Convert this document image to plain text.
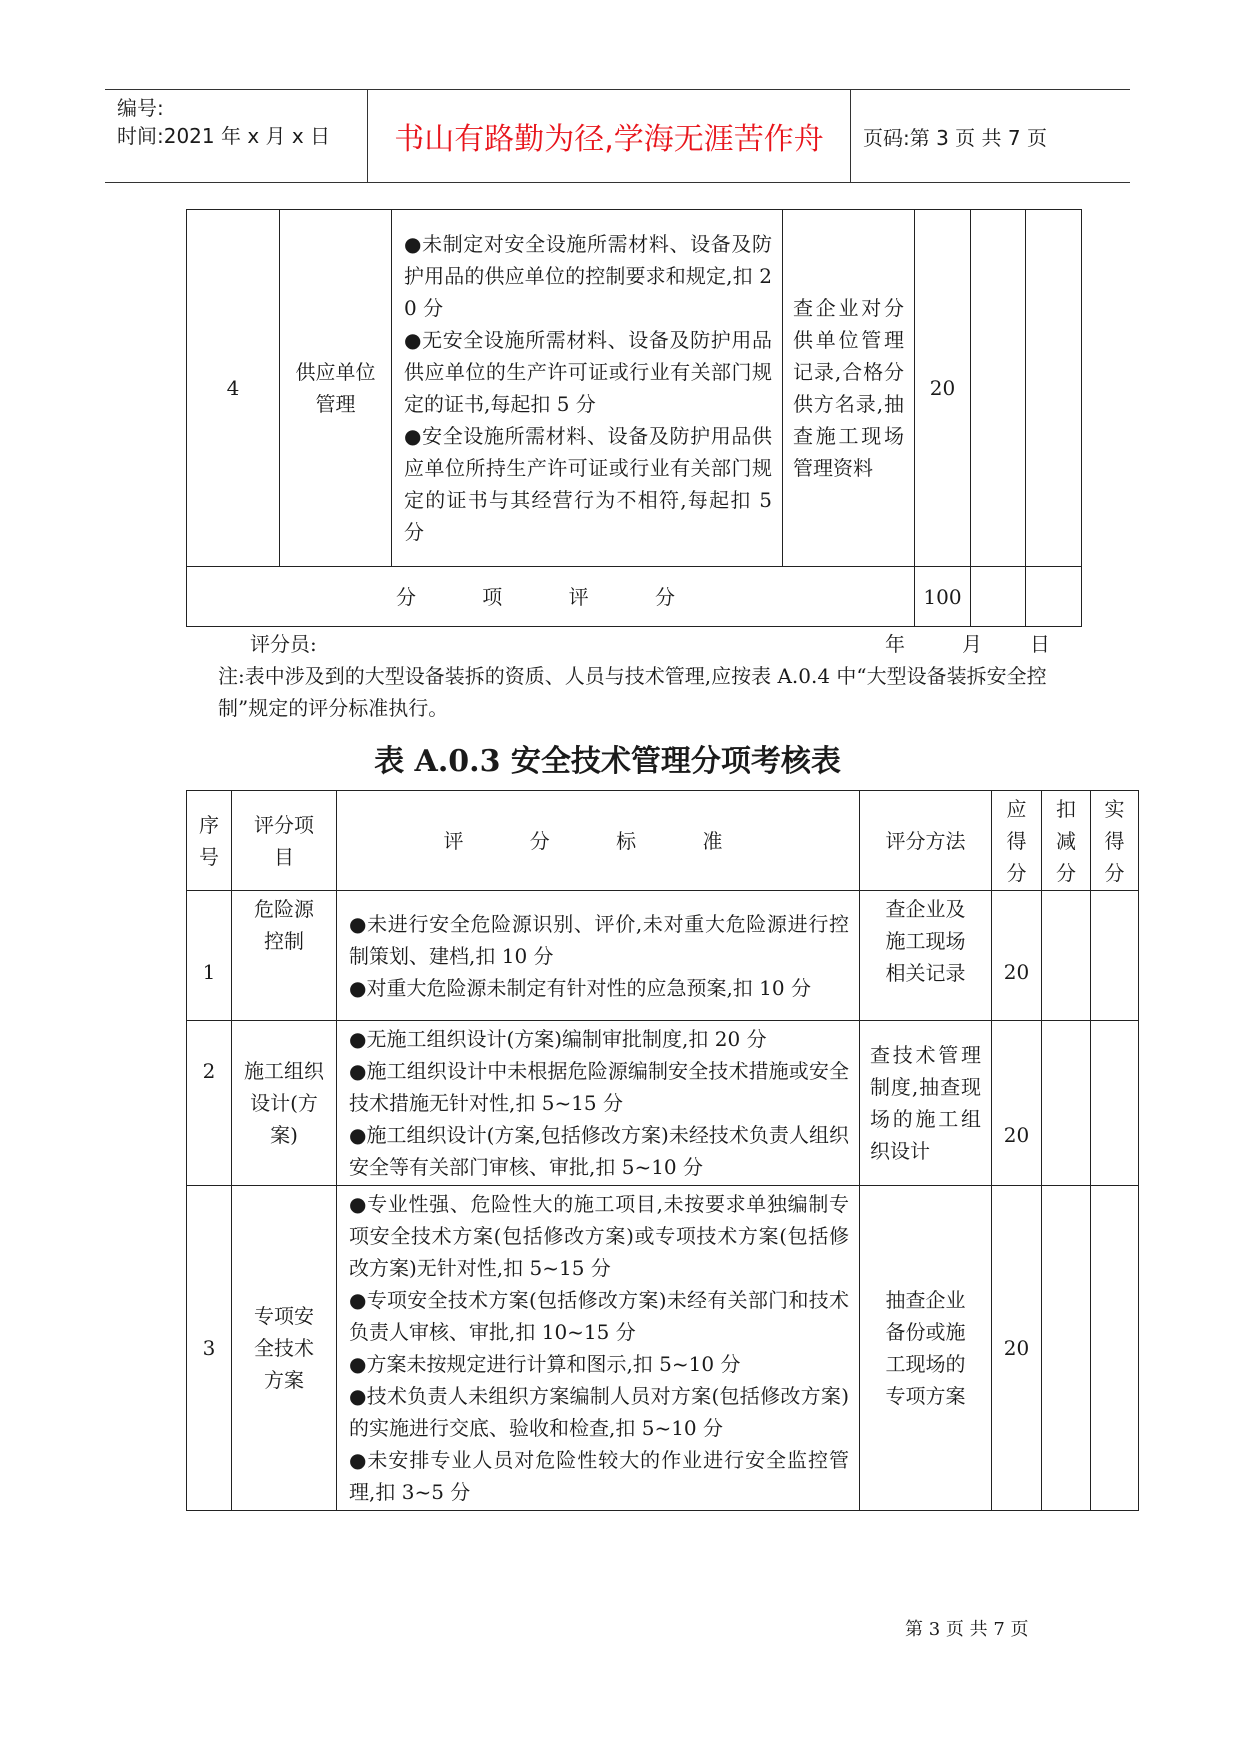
编号:
时间:2021 年 x 月 x 日	书山有路勤为径,学海无涯苦作舟	页码:第 3 页 共 7 页
4	供应单位管理	●未制定对安全设施所需材料、设备及防护用品的供应单位的控制要求和规定,扣 20 分
●无安全设施所需材料、设备及防护用品供应单位的生产许可证或行业有关部门规定的证书,每起扣 5 分
●安全设施所需材料、设备及防护用品供应单位所持生产许可证或行业有关部门规定的证书与其经营行为不相符,每起扣 5 分	查企业对分供单位管理记录,合格分供方名录,抽查施工现场管理资料	20		
分 项 评 分				100		
评分员:	年	月 日
注:表中涉及到的大型设备装拆的资质、人员与技术管理,应按表 A.0.4 中“大型设备装拆安全控制”规定的评分标准执行。
表 A.0.3 安全技术管理分项考核表
序号	评分项目	评 分 标 准	评分方法	应得分	扣减分	实得分
1	危险源控制	●未进行安全危险源识别、评价,未对重大危险源进行控制策划、建档,扣 10 分
●对重大危险源未制定有针对性的应急预案,扣 10 分	查企业及施工现场相关记录	20		
2	施工组织设计(方案)	●无施工组织设计(方案)编制审批制度,扣 20 分
●施工组织设计中未根据危险源编制安全技术措施或安全技术措施无针对性,扣 5~15 分
●施工组织设计(方案,包括修改方案)未经技术负责人组织安全等有关部门审核、审批,扣 5~10 分	查技术管理制度,抽查现场的施工组织设计	20		
3	专项安全技术方案	●专业性强、危险性大的施工项目,未按要求单独编制专项安全技术方案(包括修改方案)或专项技术方案(包括修改方案)无针对性,扣 5~15 分
●专项安全技术方案(包括修改方案)未经有关部门和技术负责人审核、审批,扣 10~15 分
●方案未按规定进行计算和图示,扣 5~10 分
●技术负责人未组织方案编制人员对方案(包括修改方案)的实施进行交底、验收和检查,扣 5~10 分
●未安排专业人员对危险性较大的作业进行安全监控管理,扣 3~5 分	抽查企业备份或施工现场的专项方案	20		
第 3 页 共 7 页
